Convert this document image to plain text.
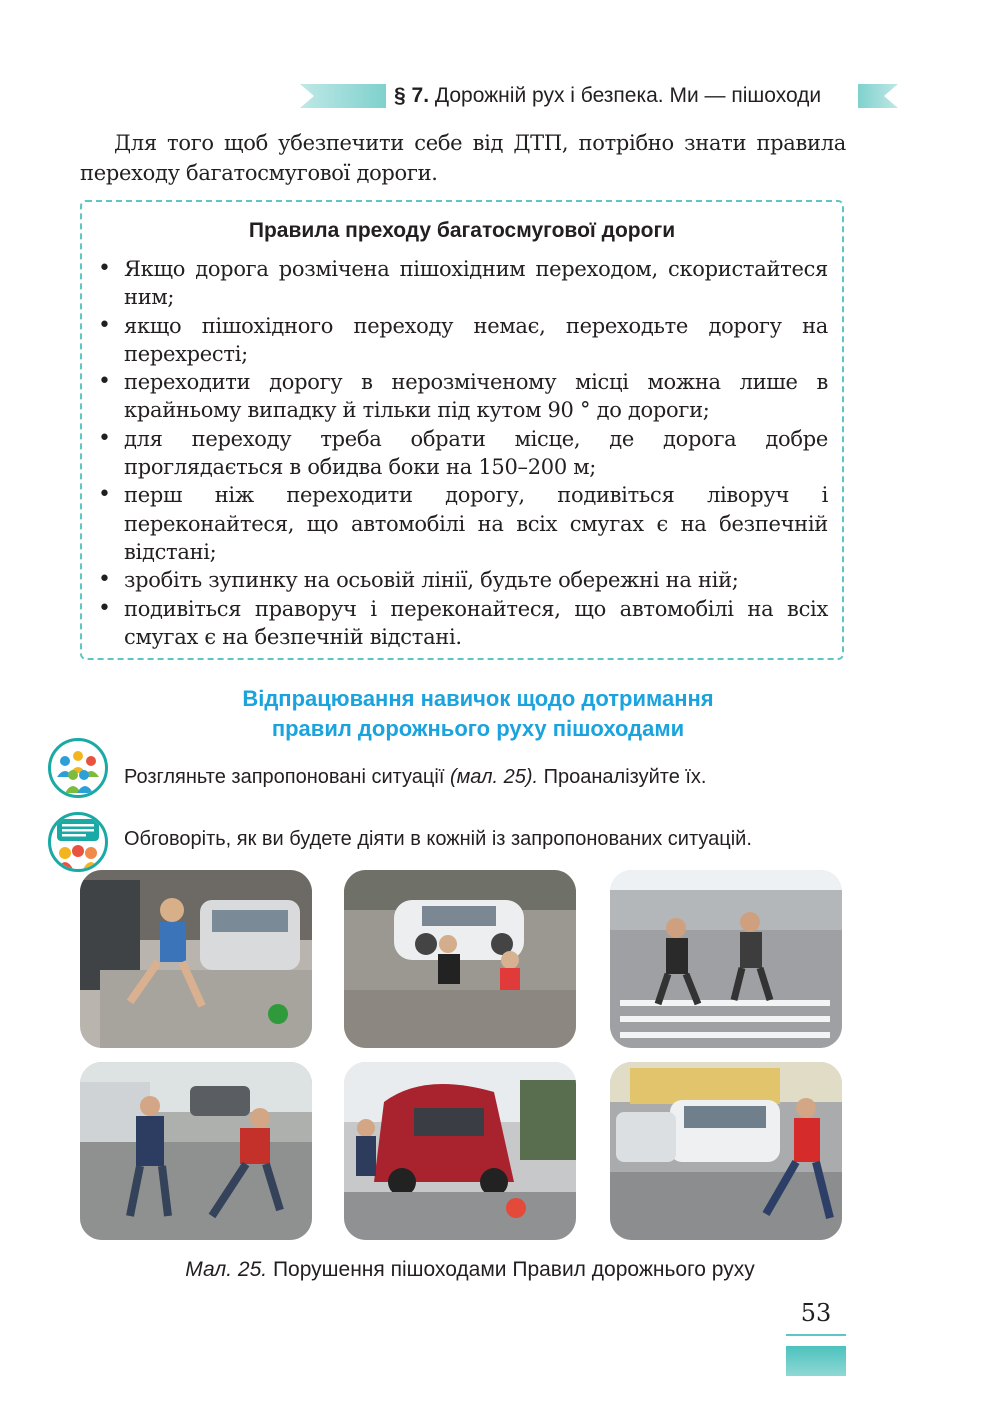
§ 7. Дорожній рух і безпека. Ми — пішоходи
Для того щоб убезпечити себе від ДТП, потрібно знати правила переходу багатосмугової дороги.
Правила преходу багатосмугової дороги
• Якщо дорога розмічена пішохідним переходом, скористайтеся ним;
• якщо пішохідного переходу немає, переходьте дорогу на перехресті;
• переходити дорогу в нерозміченому місці можна лише в крайньому випадку й тільки під кутом 90 ° до дороги;
• для переходу треба обрати місце, де дорога добре проглядається в обидва боки на 150–200 м;
• перш ніж переходити дорогу, подивіться ліворуч і переконайтеся, що автомобілі на всіх смугах є на безпечній відстані;
• зробіть зупинку на осьовій лінії, будьте обережні на ній;
• подивіться праворуч і переконайтеся, що автомобілі на всіх смугах є на безпечній відстані.
Відпрацювання навичок щодо дотримання
правил дорожнього руху пішоходами
Розгляньте запропоновані ситуації (мал. 25). Проаналізуйте їх.
Обговоріть, як ви будете діяти в кожній із запропонованих ситуацій.
Мал. 25. Порушення пішоходами Правил дорожнього руху
53
